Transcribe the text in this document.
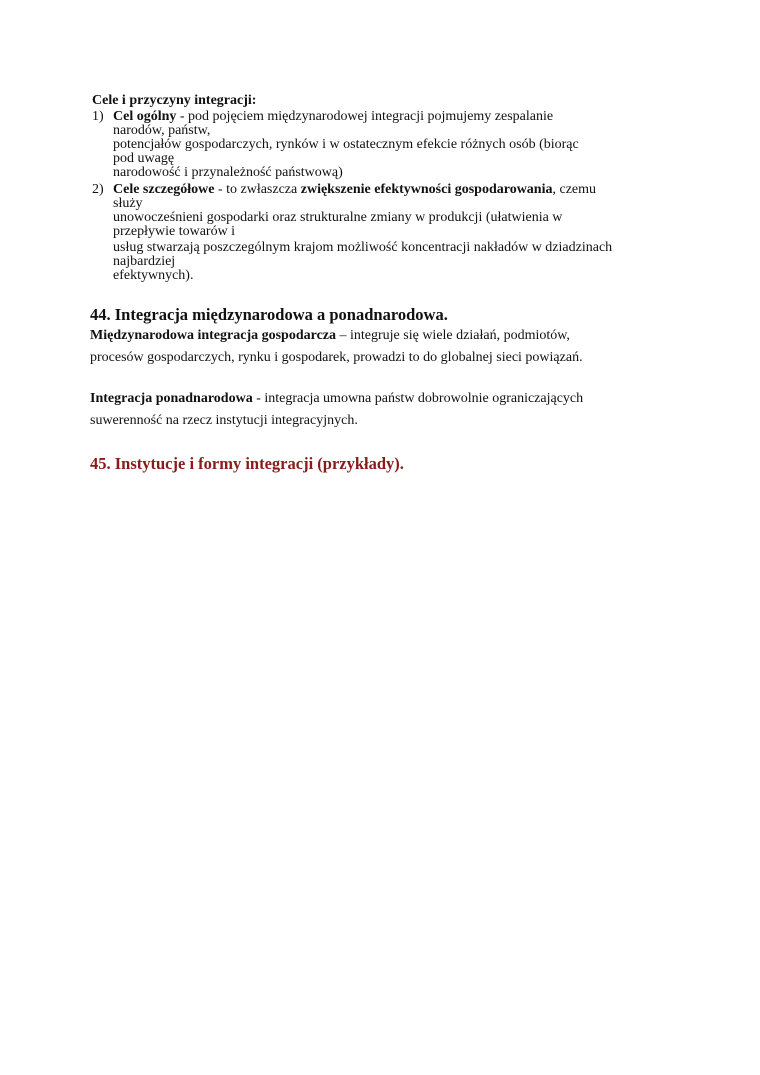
Cele i przyczyny integracji:
1) Cel ogólny - pod pojęciem międzynarodowej integracji pojmujemy zespalanie
narodów, państw,
potencjałów gospodarczych, rynków i w ostatecznym efekcie różnych osób (biorąc
pod uwagę
narodowość i przynależność państwową)
2) Cele szczegółowe - to zwłaszcza zwiększenie efektywności gospodarowania, czemu
służy
unowocześnieni gospodarki oraz strukturalne zmiany w produkcji (ułatwienia w
przepływie towarów i
usług stwarzają poszczególnym krajom możliwość koncentracji nakładów w dziadzinach
najbardziej
efektywnych).
44. Integracja międzynarodowa a ponadnarodowa.
Międzynarodowa integracja gospodarcza – integruje się wiele działań, podmiotów,
procesów gospodarczych, rynku i gospodarek, prowadzi to do globalnej sieci powiązań.
Integracja ponadnarodowa - integracja umowna państw dobrowolnie ograniczających
suwerenność na rzecz instytucji integracyjnych.
45. Instytucje i formy integracji (przykłady).
